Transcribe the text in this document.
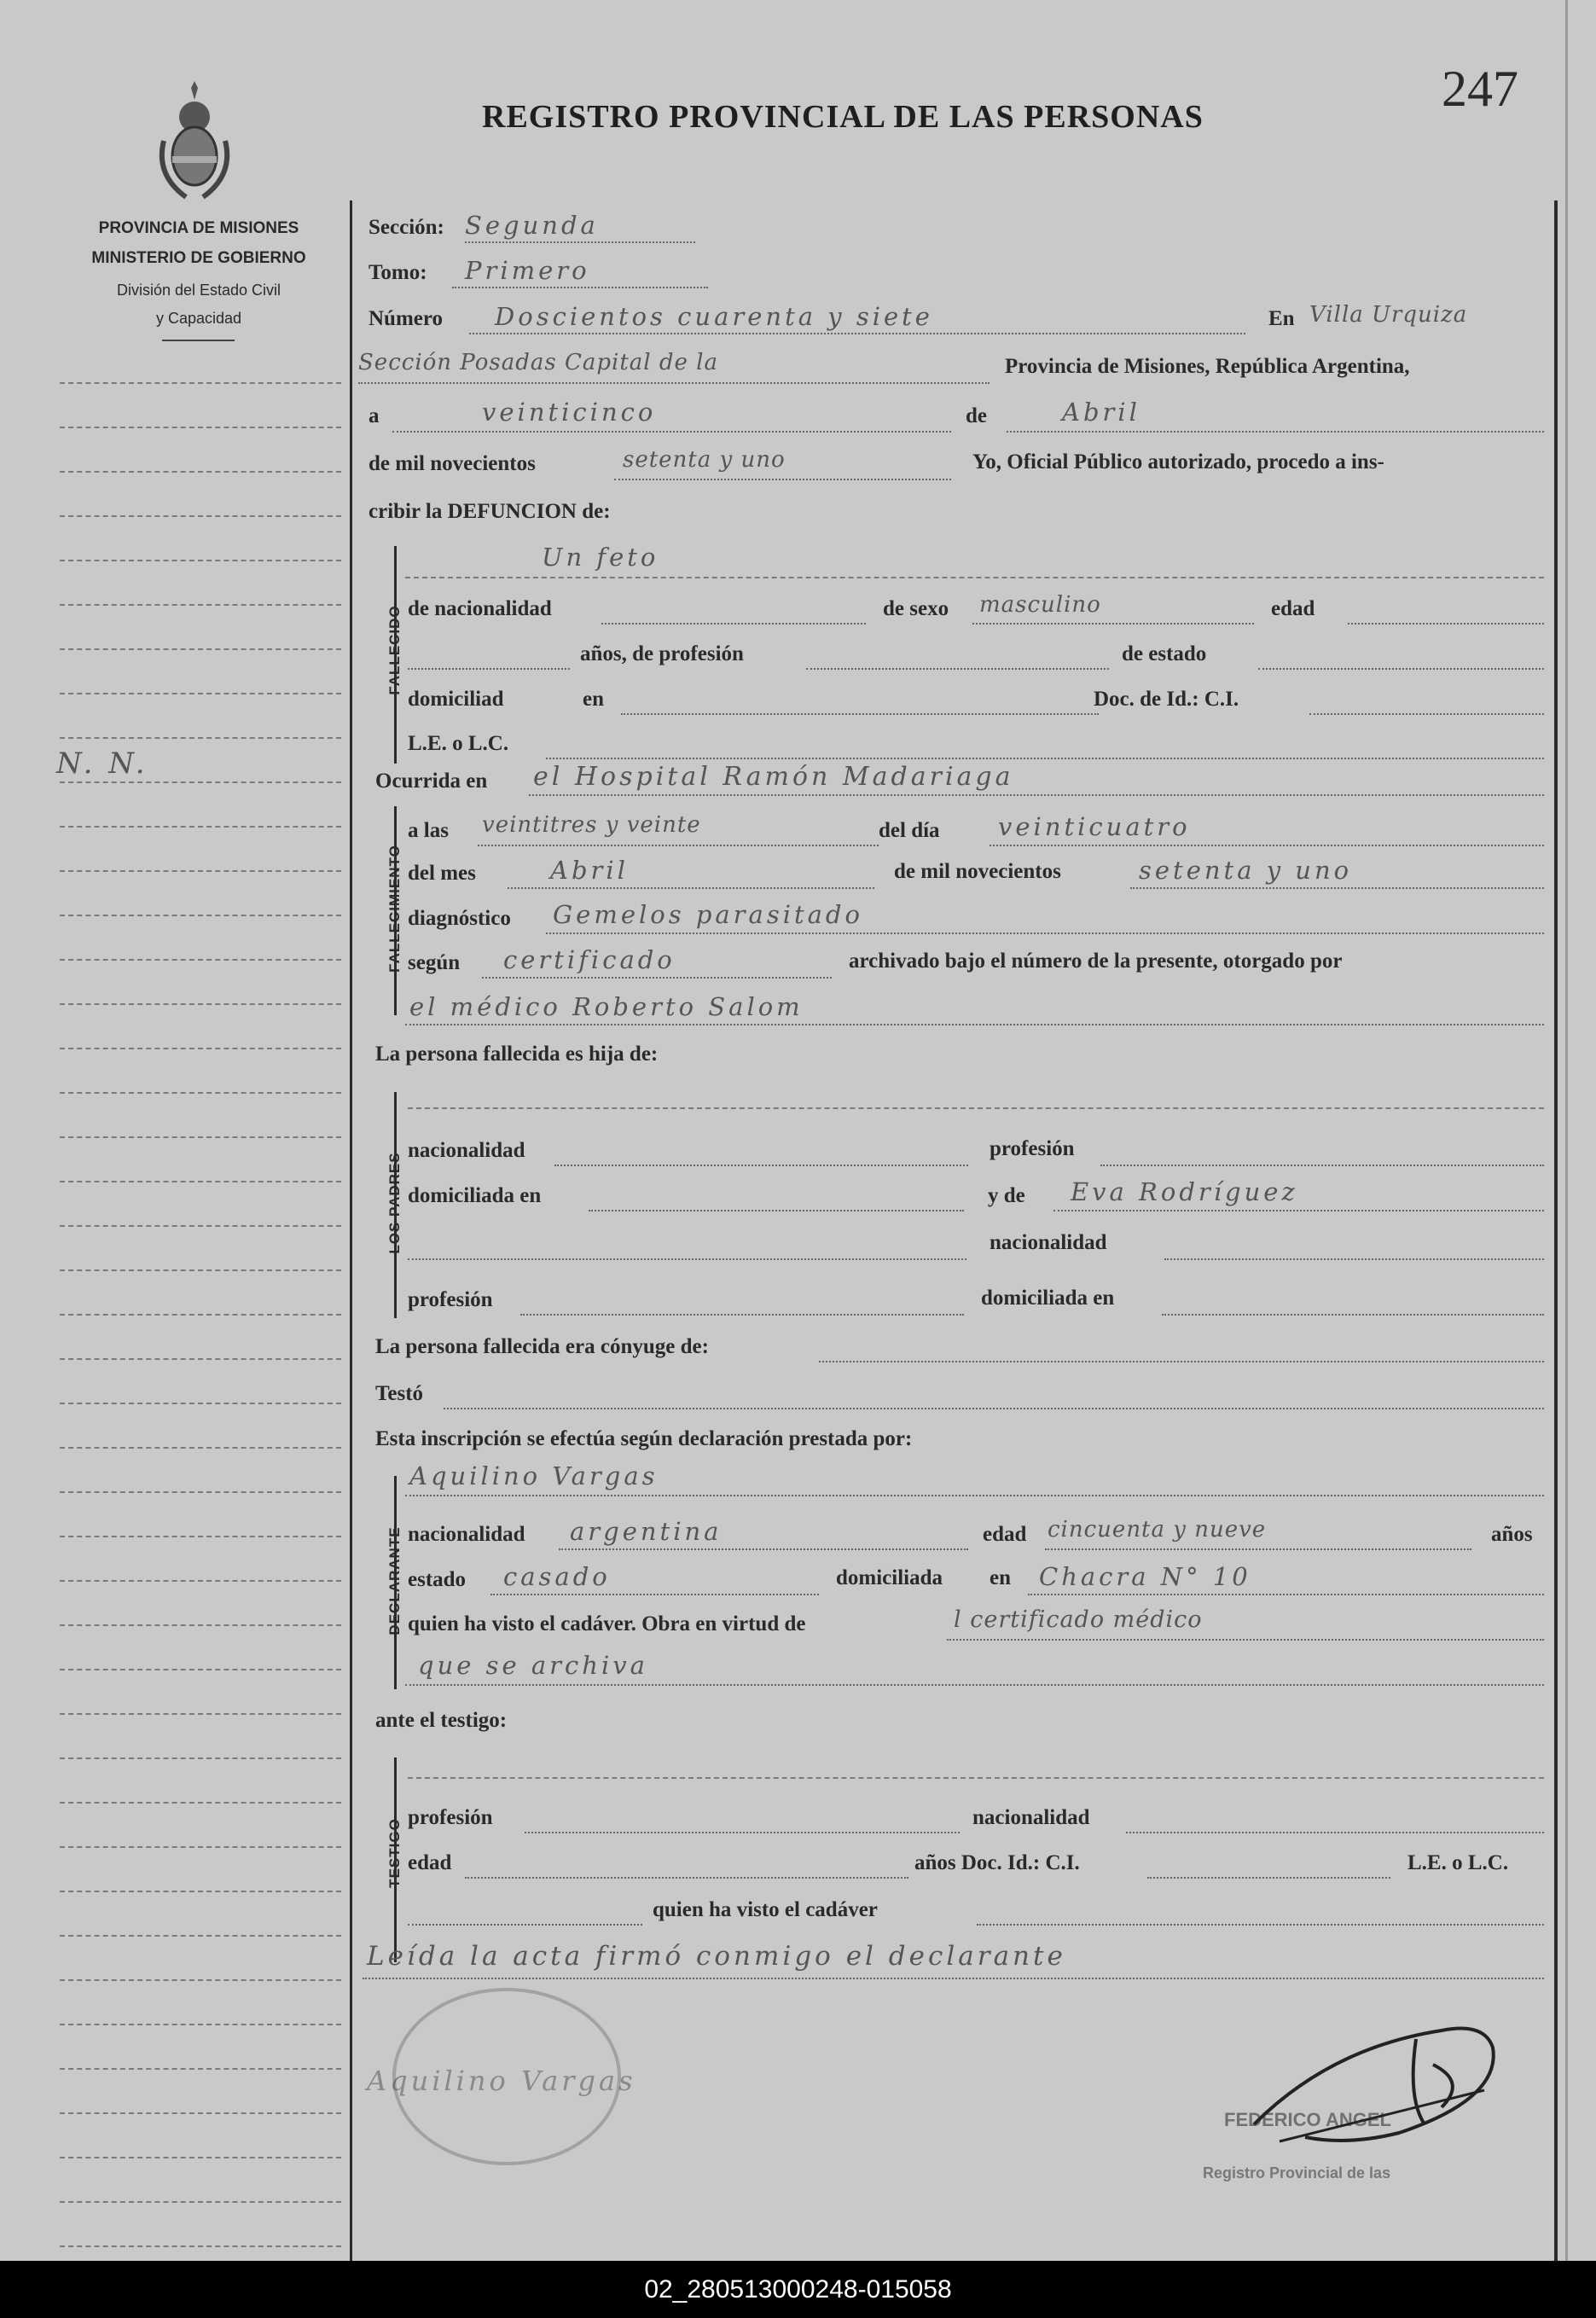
PROVINCIA DE MISIONES
MINISTERIO DE GOBIERNO
División del Estado Civil
y Capacidad
N. N.
REGISTRO PROVINCIAL DE LAS PERSONAS	247
Sección: Segunda
Tomo: Primero
Número Doscientos cuarenta y siete	En Villa Urquiza
Sección Posadas Capital de la	Provincia de Misiones, República Argentina,
a	veinticinco	de	Abril
de mil novecientos	setenta y uno	Yo, Oficial Público autorizado, procedo a ins-
cribir la DEFUNCION de:
FALLECIDO
Un feto
de nacionalidad	de sexo masculino	edad
años, de profesión	de estado
domiciliad	en	Doc. de Id.: C.I.
L.E. o L.C.
Ocurrida en el Hospital Ramón Madariaga
FALLECIMIENTO
a las veintitres y veinte	del día veinticuatro
del mes	Abril	de mil novecientos	setenta y uno
diagnóstico Gemelos parasitado
según certificado	archivado bajo el número de la presente, otorgado por
el médico Roberto Salom
La persona fallecida es hija de:
LOS PADRES
nacionalidad	profesión
domiciliada en	y de Eva Rodríguez
nacionalidad
profesión	domiciliada en
La persona fallecida era cónyuge de:
Testó
Esta inscripción se efectúa según declaración prestada por:
DECLARANTE
Aquilino Vargas
nacionalidad argentina	edad cincuenta y nueve	años
estado casado	domiciliada en Chacra N° 10
quien ha visto el cadáver. Obra en virtud de	l certificado médico
que se archiva
ante el testigo:
TESTIGO
profesión	nacionalidad
edad	años Doc. Id.: C.I.	L.E. o L.C.
quien ha visto el cadáver
Leída la acta firmó conmigo el declarante
Aquilino Vargas
FEDERICO ANGEL
Registro Provincial de las
02_280513000248-015058
